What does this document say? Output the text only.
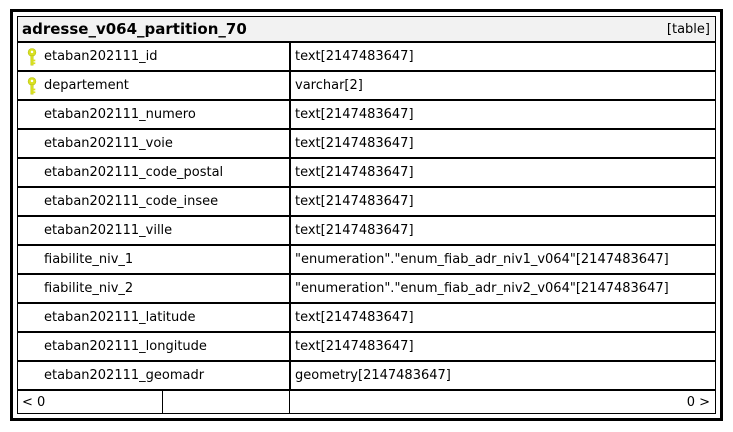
adresse_v064_partition_70	[table]
etaban202111_id	text[2147483647]
departement	varchar[2]
etaban202111_numero	text[2147483647]
etaban202111_voie	text[2147483647]
etaban202111_code_postal	text[2147483647]
etaban202111_code_insee	text[2147483647]
etaban202111_ville	text[2147483647]
fiabilite_niv_1	"enumeration"."enum_fiab_adr_niv1_v064"[2147483647]
fiabilite_niv_2	"enumeration"."enum_fiab_adr_niv2_v064"[2147483647]
etaban202111_latitude	text[2147483647]
etaban202111_longitude	text[2147483647]
etaban202111_geomadr	geometry[2147483647]
< 0	0 >
